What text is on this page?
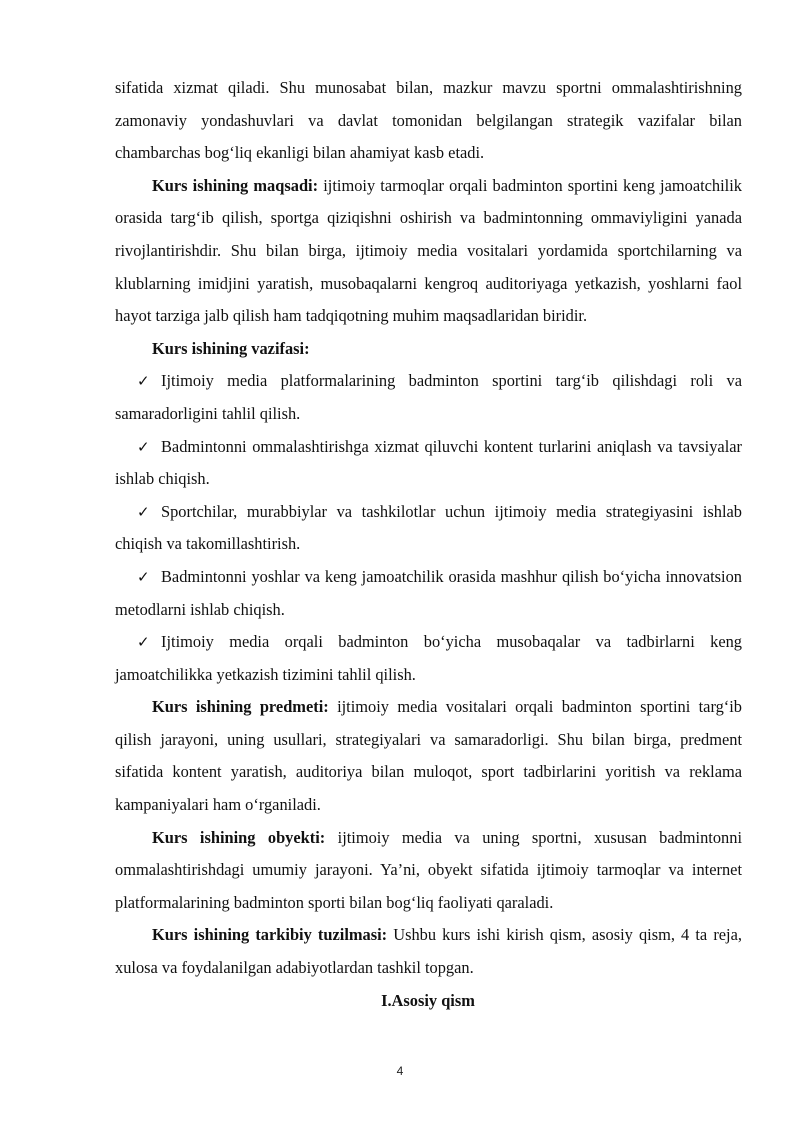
sifatida xizmat qiladi. Shu munosabat bilan, mazkur mavzu sportni ommalashtirishning zamonaviy yondashuvlari va davlat tomonidan belgilangan strategik vazifalar bilan chambarchas bog‘liq ekanligi bilan ahamiyat kasb etadi.

Kurs ishining maqsadi: ijtimoiy tarmoqlar orqali badminton sportini keng jamoatchilik orasida targ‘ib qilish, sportga qiziqishni oshirish va badmintonning ommaviyligini yanada rivojlantirishdir. Shu bilan birga, ijtimoiy media vositalari yordamida sportchilarning va klublarning imidjini yaratish, musobaqalarni kengroq auditoriyaga yetkazish, yoshlarni faol hayot tarziga jalb qilish ham tadqiqotning muhim maqsadlaridan biridir.

Kurs ishining vazifasi:

✓ Ijtimoiy media platformalarining badminton sportini targ‘ib qilishdagi roli va samaradorligini tahlil qilish.

✓ Badmintonni ommalashtirishga xizmat qiluvchi kontent turlarini aniqlash va tavsiyalar ishlab chiqish.

✓ Sportchilar, murabbiylar va tashkilotlar uchun ijtimoiy media strategiyasini ishlab chiqish va takomillashtirish.

✓ Badmintonni yoshlar va keng jamoatchilik orasida mashhur qilish bo‘yicha innovatsion metodlarni ishlab chiqish.

✓ Ijtimoiy media orqali badminton bo‘yicha musobaqalar va tadbirlarni keng jamoatchilikka yetkazish tizimini tahlil qilish.

Kurs ishining predmeti: ijtimoiy media vositalari orqali badminton sportini targ‘ib qilish jarayoni, uning usullari, strategiyalari va samaradorligi. Shu bilan birga, predment sifatida kontent yaratish, auditoriya bilan muloqot, sport tadbirlarini yoritish va reklama kampaniyalari ham o‘rganiladi.

Kurs ishining obyekti: ijtimoiy media va uning sportni, xususan badmintonni ommalashtirishdagi umumiy jarayoni. Ya’ni, obyekt sifatida ijtimoiy tarmoqlar va internet platformalarining badminton sporti bilan bog‘liq faoliyati qaraladi.

Kurs ishining tarkibiy tuzilmasi: Ushbu kurs ishi kirish qism, asosiy qism, 4 ta reja, xulosa va foydalanilgan adabiyotlardan tashkil topgan.

I.Asosiy qism

4
